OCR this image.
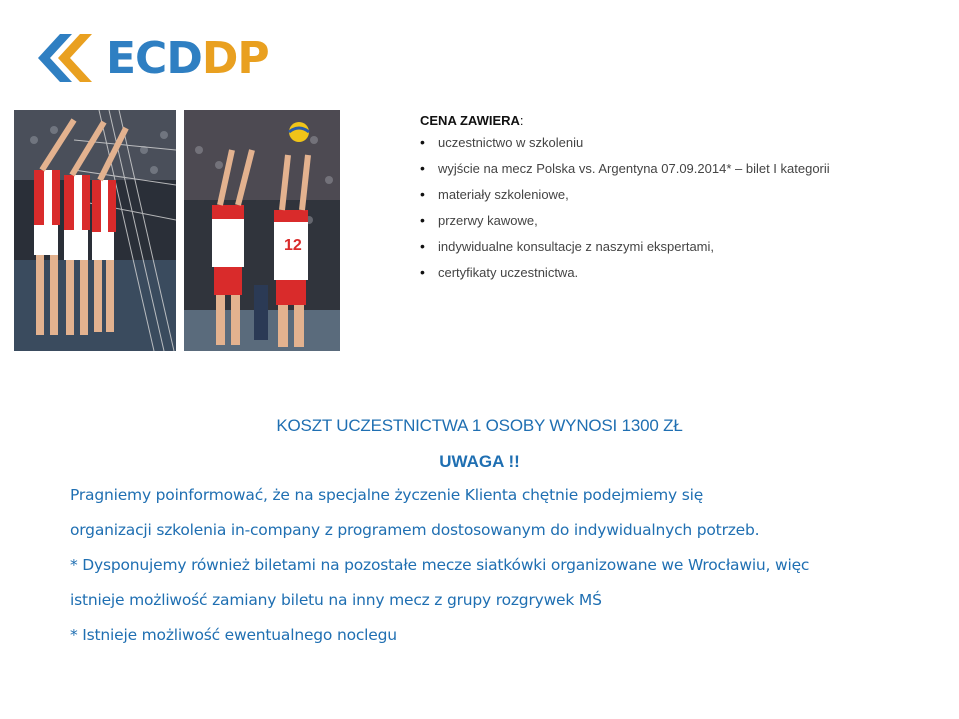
ECDDP
12
CENA ZAWIERA:
• uczestnictwo w szkoleniu
• wyjście na mecz Polska vs. Argentyna 07.09.2014* – bilet I kategorii
• materiały szkoleniowe,
• przerwy kawowe,
• indywidualne konsultacje z naszymi ekspertami,
• certyfikaty uczestnictwa.
KOSZT UCZESTNICTWA 1 OSOBY WYNOSI 1300 ZŁ
UWAGA !!

Pragniemy poinformować, że na specjalne życzenie Klienta chętnie podejmiemy się

organizacji szkolenia in-company z programem dostosowanym do indywidualnych potrzeb.

* Dysponujemy również biletami na pozostałe mecze siatkówki organizowane we Wrocławiu, więc

istnieje możliwość zamiany biletu na inny mecz z grupy rozgrywek MŚ

* Istnieje możliwość ewentualnego noclegu
